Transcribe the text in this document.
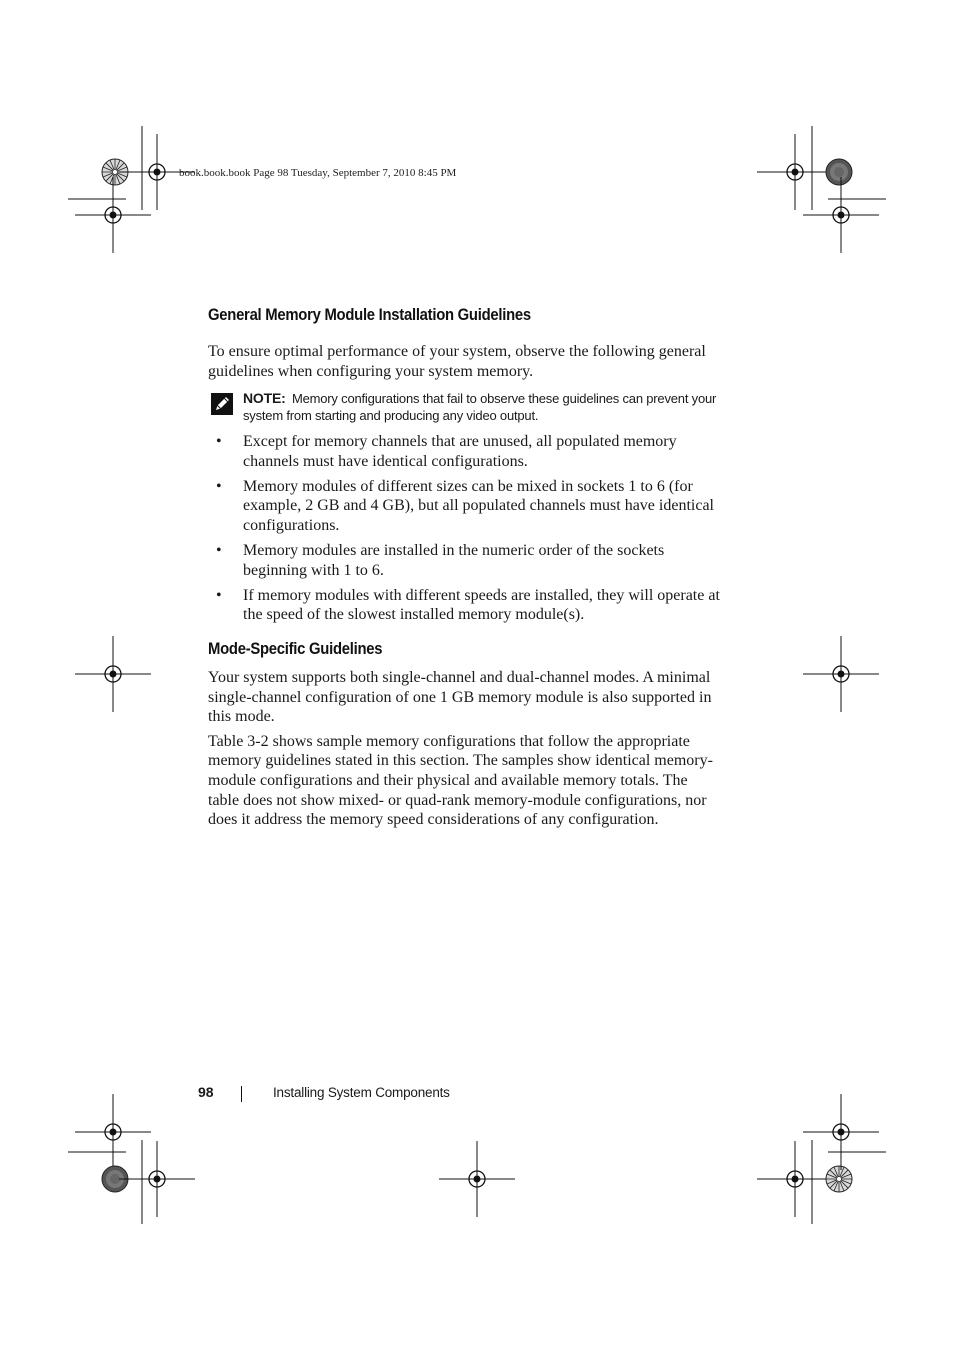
book.book.book Page 98 Tuesday, September 7, 2010 8:45 PM
General Memory Module Installation Guidelines

To ensure optimal performance of your system, observe the following general guidelines when configuring your system memory.

NOTE: Memory configurations that fail to observe these guidelines can prevent your system from starting and producing any video output.
• Except for memory channels that are unused, all populated memory channels must have identical configurations.
• Memory modules of different sizes can be mixed in sockets 1 to 6 (for example, 2 GB and 4 GB), but all populated channels must have identical configurations.
• Memory modules are installed in the numeric order of the sockets beginning with 1 to 6.
• If memory modules with different speeds are installed, they will operate at the speed of the slowest installed memory module(s).
Mode-Specific Guidelines

Your system supports both single-channel and dual-channel modes. A minimal single-channel configuration of one 1 GB memory module is also supported in this mode.

Table 3-2 shows sample memory configurations that follow the appropriate memory guidelines stated in this section. The samples show identical memory-module configurations and their physical and available memory totals. The table does not show mixed- or quad-rank memory-module configurations, nor does it address the memory speed considerations of any configuration.

98	Installing System Components
